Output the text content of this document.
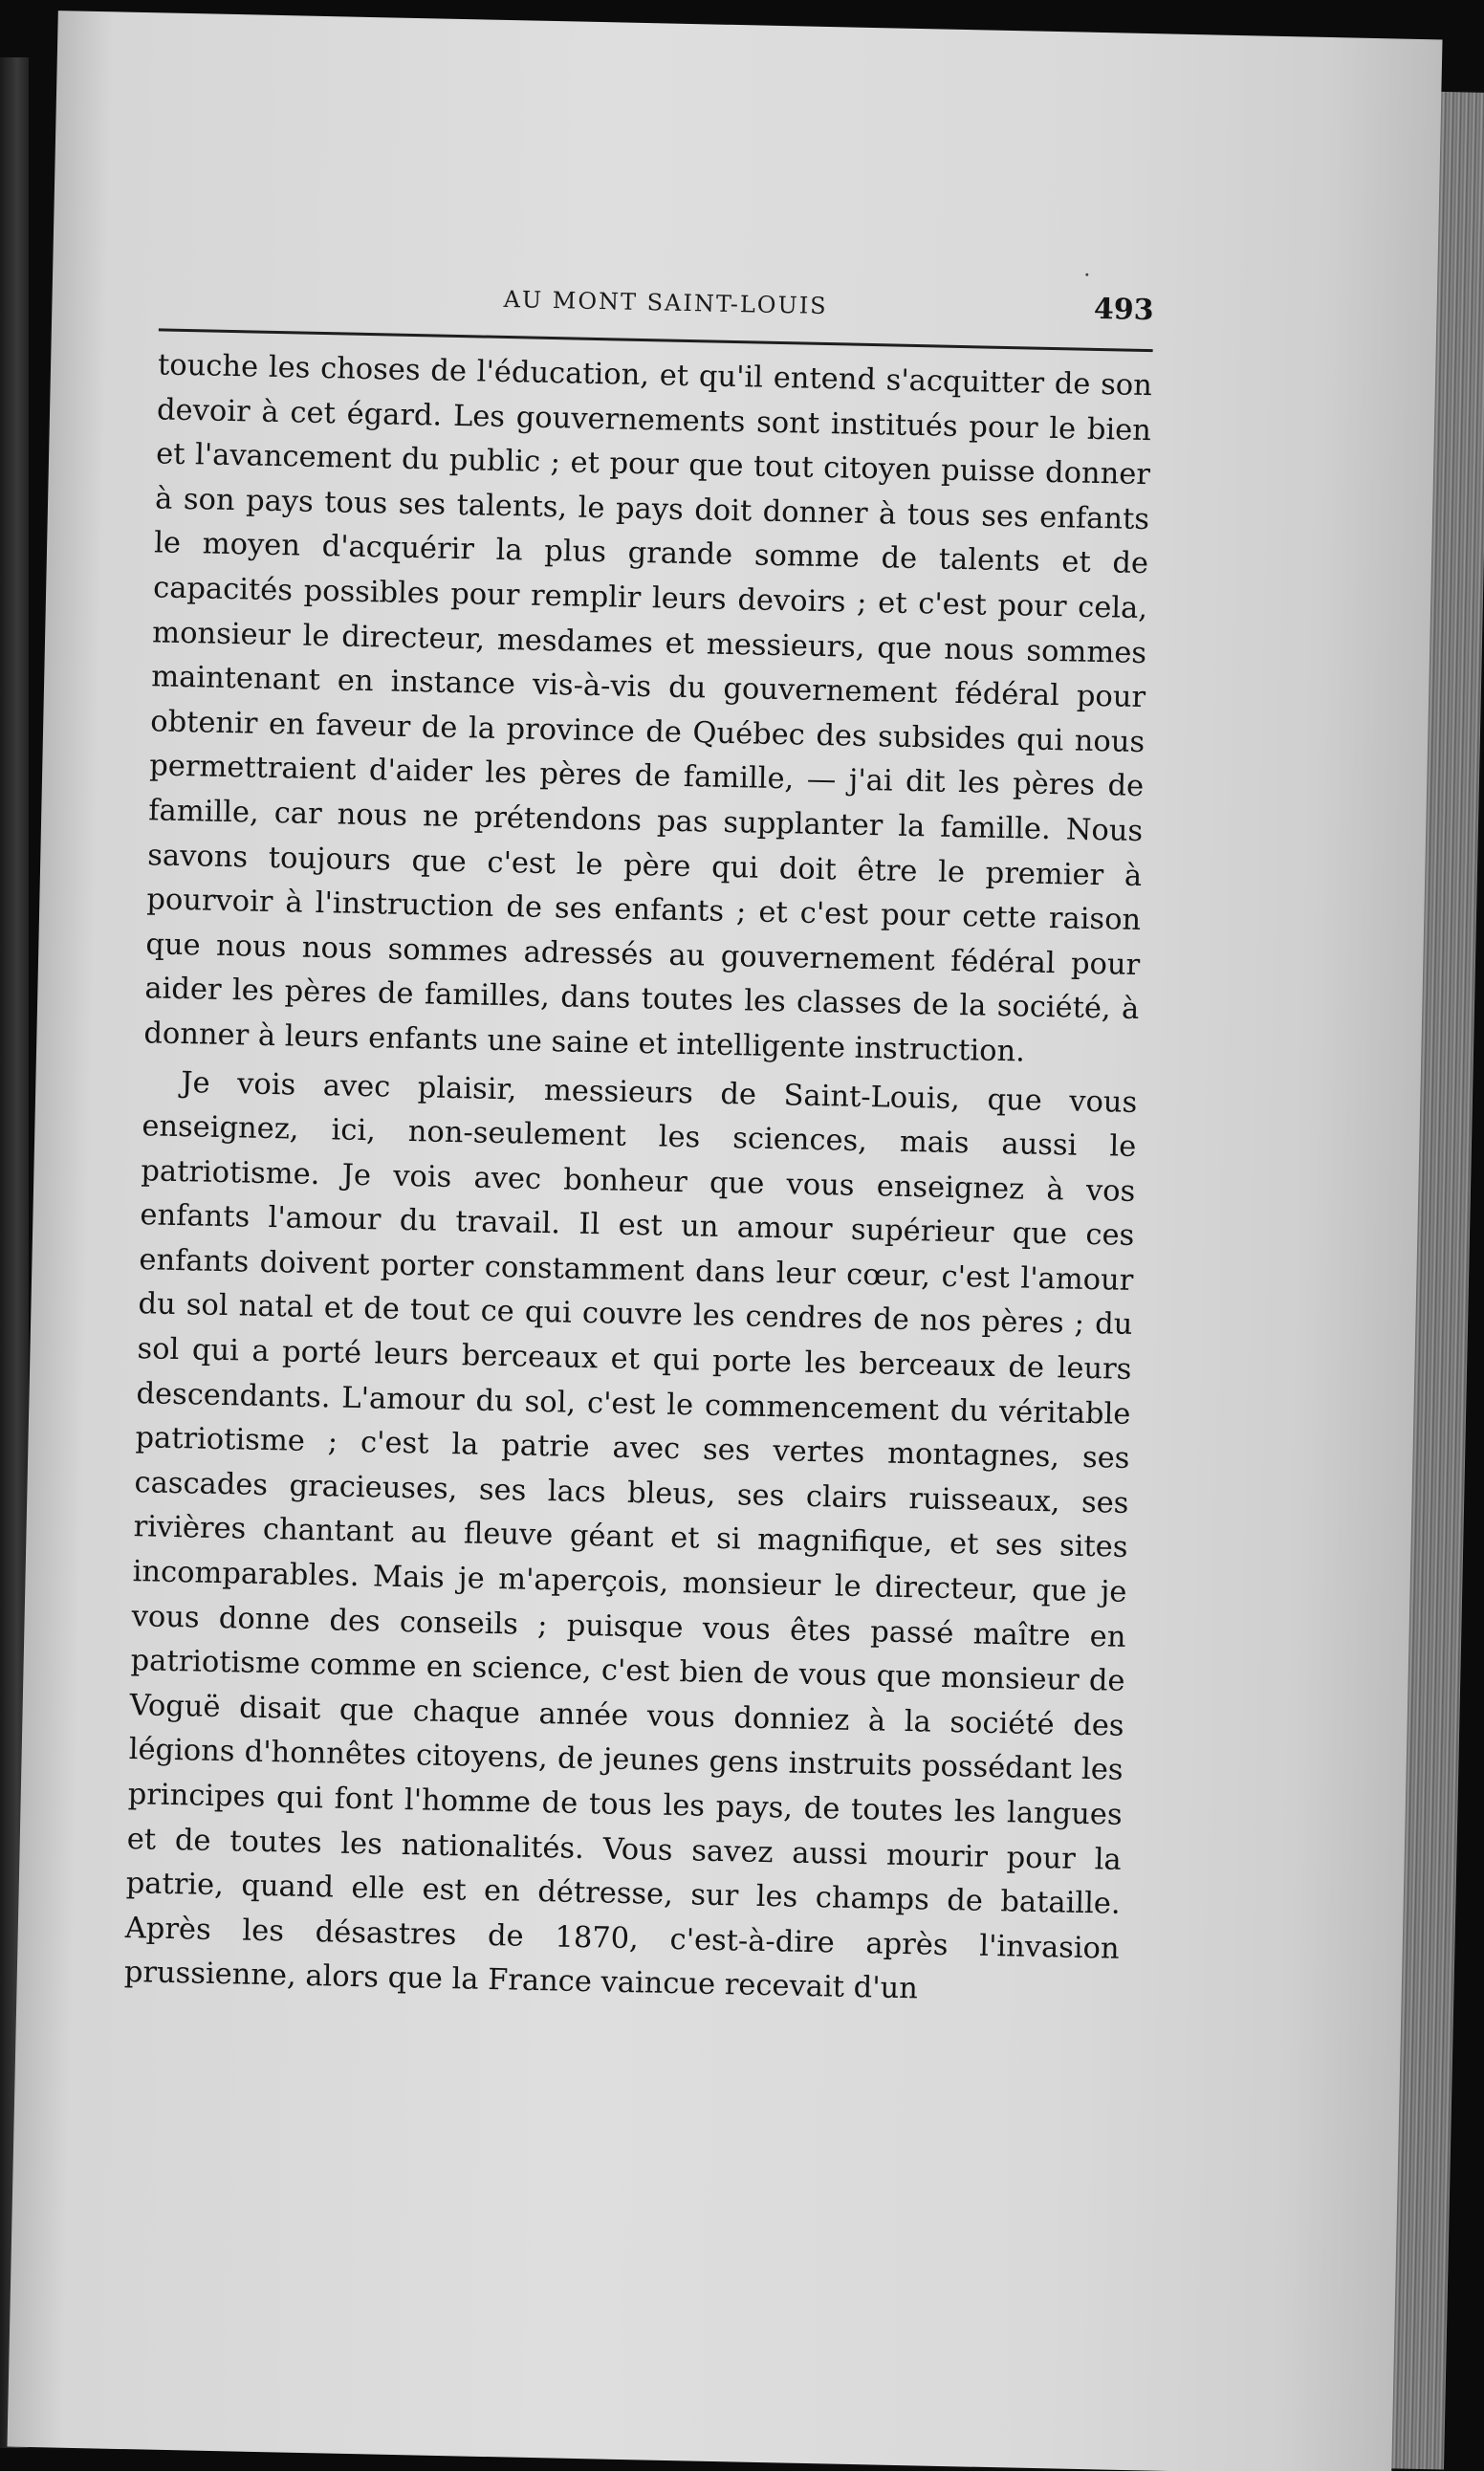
AU MONT SAINT-LOUIS	493

touche les choses de l'éducation, et qu'il entend s'acquitter de son devoir à cet égard. Les gouvernements sont institués pour le bien et l'avancement du public ; et pour que tout citoyen puisse donner à son pays tous ses talents, le pays doit donner à tous ses enfants le moyen d'acquérir la plus grande somme de talents et de capacités possibles pour remplir leurs devoirs ; et c'est pour cela, monsieur le directeur, mesdames et messieurs, que nous sommes maintenant en instance vis-à-vis du gouvernement fédéral pour obtenir en faveur de la province de Québec des subsides qui nous permettraient d'aider les pères de famille, — j'ai dit les pères de famille, car nous ne prétendons pas supplanter la famille. Nous savons toujours que c'est le père qui doit être le premier à pourvoir à l'instruction de ses enfants ; et c'est pour cette raison que nous nous sommes adressés au gouvernement fédéral pour aider les pères de familles, dans toutes les classes de la société, à donner à leurs enfants une saine et intelligente instruction.

Je vois avec plaisir, messieurs de Saint-Louis, que vous enseignez, ici, non-seulement les sciences, mais aussi le patriotisme. Je vois avec bonheur que vous enseignez à vos enfants l'amour du travail. Il est un amour supérieur que ces enfants doivent porter constamment dans leur cœur, c'est l'amour du sol natal et de tout ce qui couvre les cendres de nos pères ; du sol qui a porté leurs berceaux et qui porte les berceaux de leurs descendants. L'amour du sol, c'est le commencement du véritable patriotisme ; c'est la patrie avec ses vertes montagnes, ses cascades gracieuses, ses lacs bleus, ses clairs ruisseaux, ses rivières chantant au fleuve géant et si magnifique, et ses sites incomparables. Mais je m'aperçois, monsieur le directeur, que je vous donne des conseils ; puisque vous êtes passé maître en patriotisme comme en science, c'est bien de vous que monsieur de Voguë disait que chaque année vous donniez à la société des légions d'honnêtes citoyens, de jeunes gens instruits possédant les principes qui font l'homme de tous les pays, de toutes les langues et de toutes les nationalités. Vous savez aussi mourir pour la patrie, quand elle est en détresse, sur les champs de bataille. Après les désastres de 1870, c'est-à-dire après l'invasion prussienne, alors que la France vaincue recevait d'un
